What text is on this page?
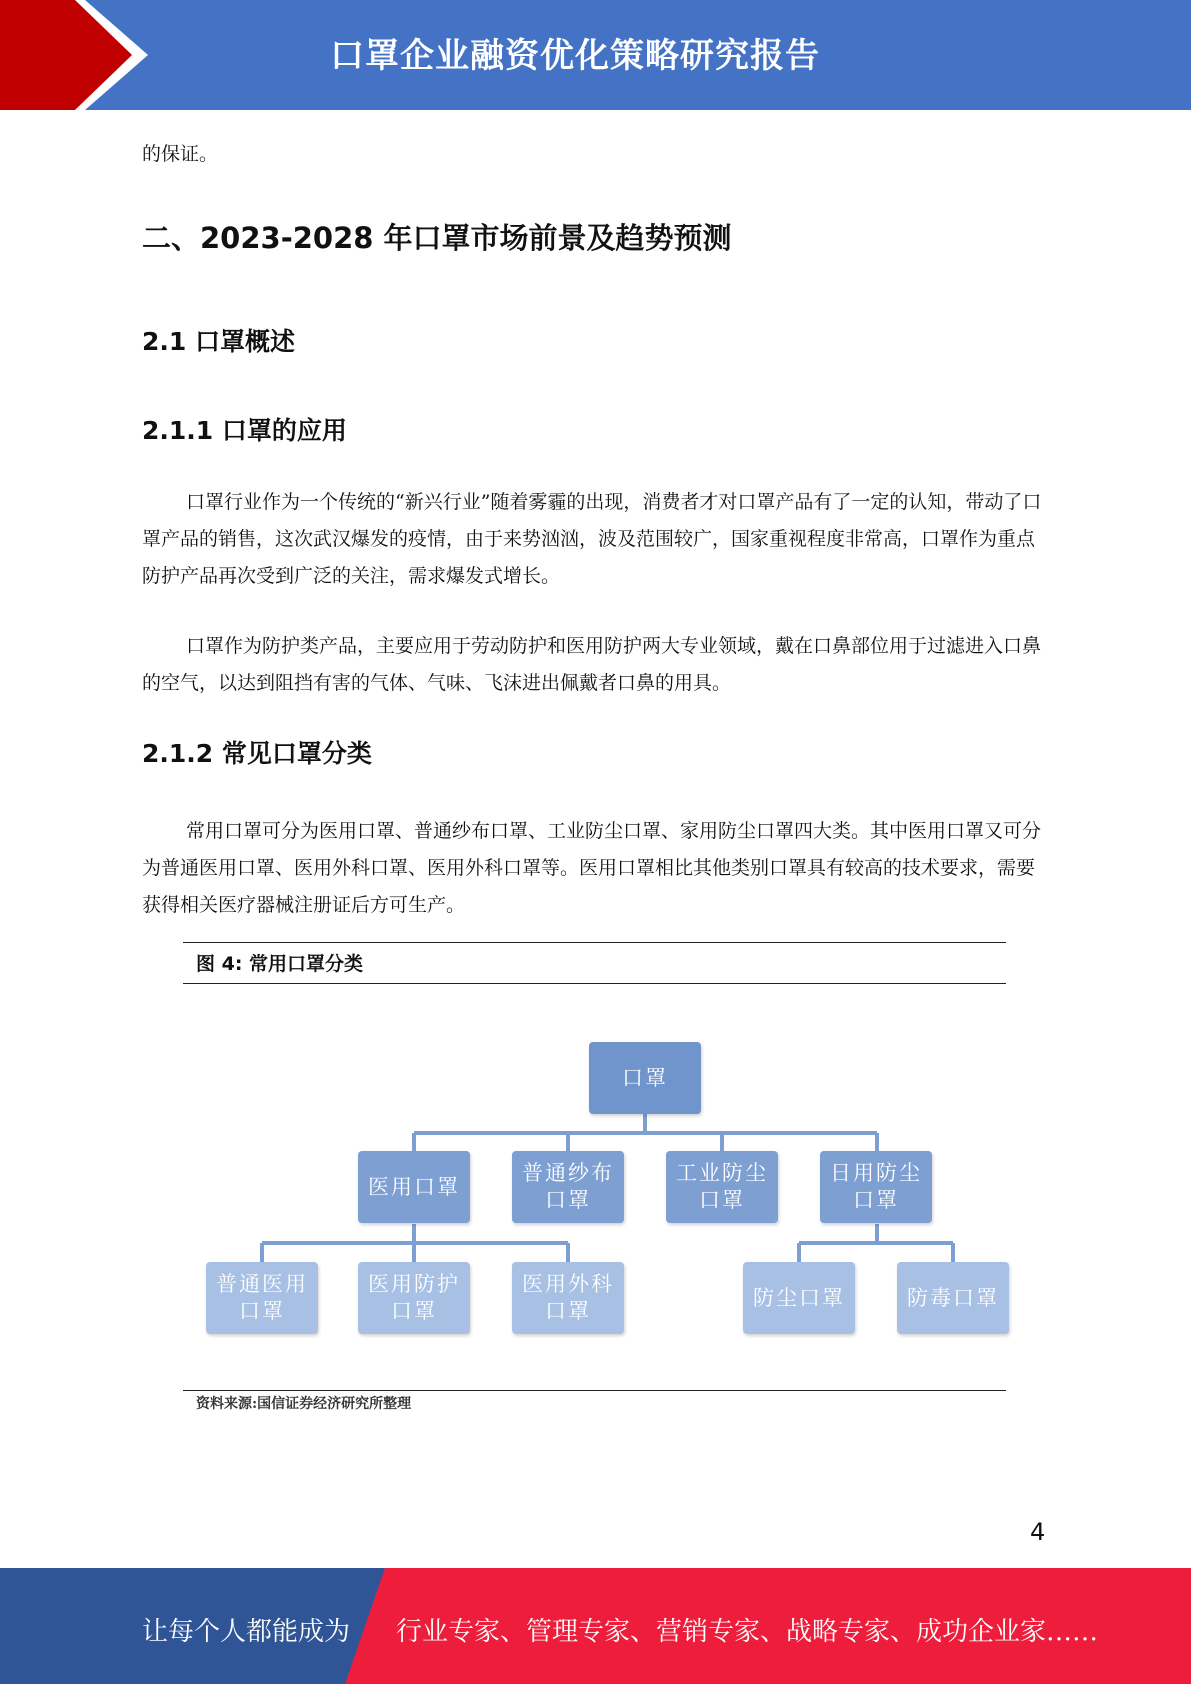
口罩企业融资优化策略研究报告
的保证。
二、2023-2028 年口罩市场前景及趋势预测
2.1 口罩概述
2.1.1 口罩的应用
口罩行业作为一个传统的“新兴行业”随着雾霾的出现，消费者才对口罩产品有了一定的认知，带动了口罩产品的销售，这次武汉爆发的疫情，由于来势汹汹，波及范围较广，国家重视程度非常高，口罩作为重点防护产品再次受到广泛的关注，需求爆发式增长。
口罩作为防护类产品，主要应用于劳动防护和医用防护两大专业领域，戴在口鼻部位用于过滤进入口鼻的空气，以达到阻挡有害的气体、气味、飞沫进出佩戴者口鼻的用具。
2.1.2 常见口罩分类
常用口罩可分为医用口罩、普通纱布口罩、工业防尘口罩、家用防尘口罩四大类。其中医用口罩又可分为普通医用口罩、医用外科口罩、医用外科口罩等。医用口罩相比其他类别口罩具有较高的技术要求，需要获得相关医疗器械注册证后方可生产。
图 4: 常用口罩分类
口罩
医用口罩
普通纱布口罩
工业防尘口罩
日用防尘口罩
普通医用口罩
医用防护口罩
医用外科口罩
防尘口罩	防毒口罩
资料来源:国信证券经济研究所整理
4
让每个人都能成为 行业专家、管理专家、营销专家、战略专家、成功企业家……
